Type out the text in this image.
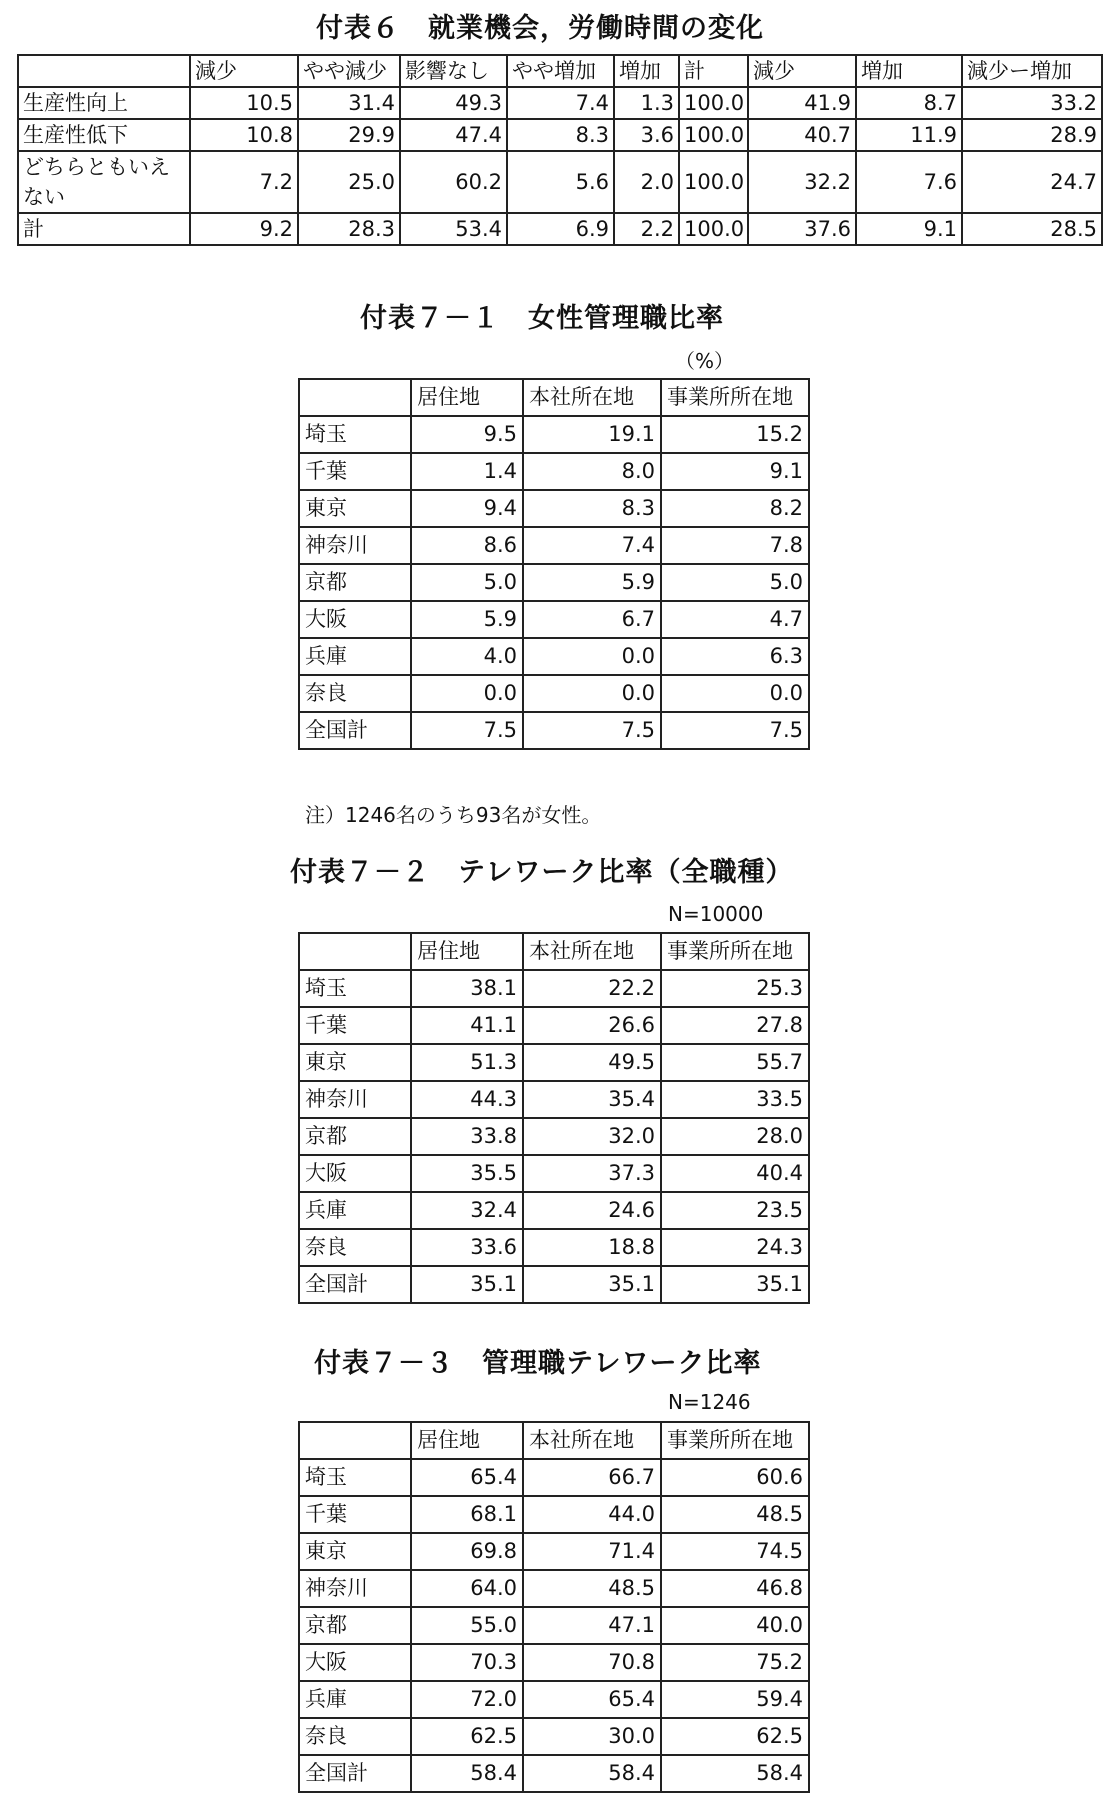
付表６　就業機会，労働時間の変化
	減少	やや減少	影響なし	やや増加	増加	計	減少	増加	減少ー増加
生産性向上	10.5	31.4	49.3	7.4	1.3	100.0	41.9	8.7	33.2
生産性低下	10.8	29.9	47.4	8.3	3.6	100.0	40.7	11.9	28.9
どちらともいえない	7.2	25.0	60.2	5.6	2.0	100.0	32.2	7.6	24.7
計	9.2	28.3	53.4	6.9	2.2	100.0	37.6	9.1	28.5
付表７－１　女性管理職比率
（%）
	居住地	本社所在地	事業所所在地
埼玉	9.5	19.1	15.2
千葉	1.4	8.0	9.1
東京	9.4	8.3	8.2
神奈川	8.6	7.4	7.8
京都	5.0	5.9	5.0
大阪	5.9	6.7	4.7
兵庫	4.0	0.0	6.3
奈良	0.0	0.0	0.0
全国計	7.5	7.5	7.5
注）1246名のうち93名が女性。
付表７－２　テレワーク比率（全職種）
N=10000
	居住地	本社所在地	事業所所在地
埼玉	38.1	22.2	25.3
千葉	41.1	26.6	27.8
東京	51.3	49.5	55.7
神奈川	44.3	35.4	33.5
京都	33.8	32.0	28.0
大阪	35.5	37.3	40.4
兵庫	32.4	24.6	23.5
奈良	33.6	18.8	24.3
全国計	35.1	35.1	35.1
付表７－３　管理職テレワーク比率
N=1246
	居住地	本社所在地	事業所所在地
埼玉	65.4	66.7	60.6
千葉	68.1	44.0	48.5
東京	69.8	71.4	74.5
神奈川	64.0	48.5	46.8
京都	55.0	47.1	40.0
大阪	70.3	70.8	75.2
兵庫	72.0	65.4	59.4
奈良	62.5	30.0	62.5
全国計	58.4	58.4	58.4
